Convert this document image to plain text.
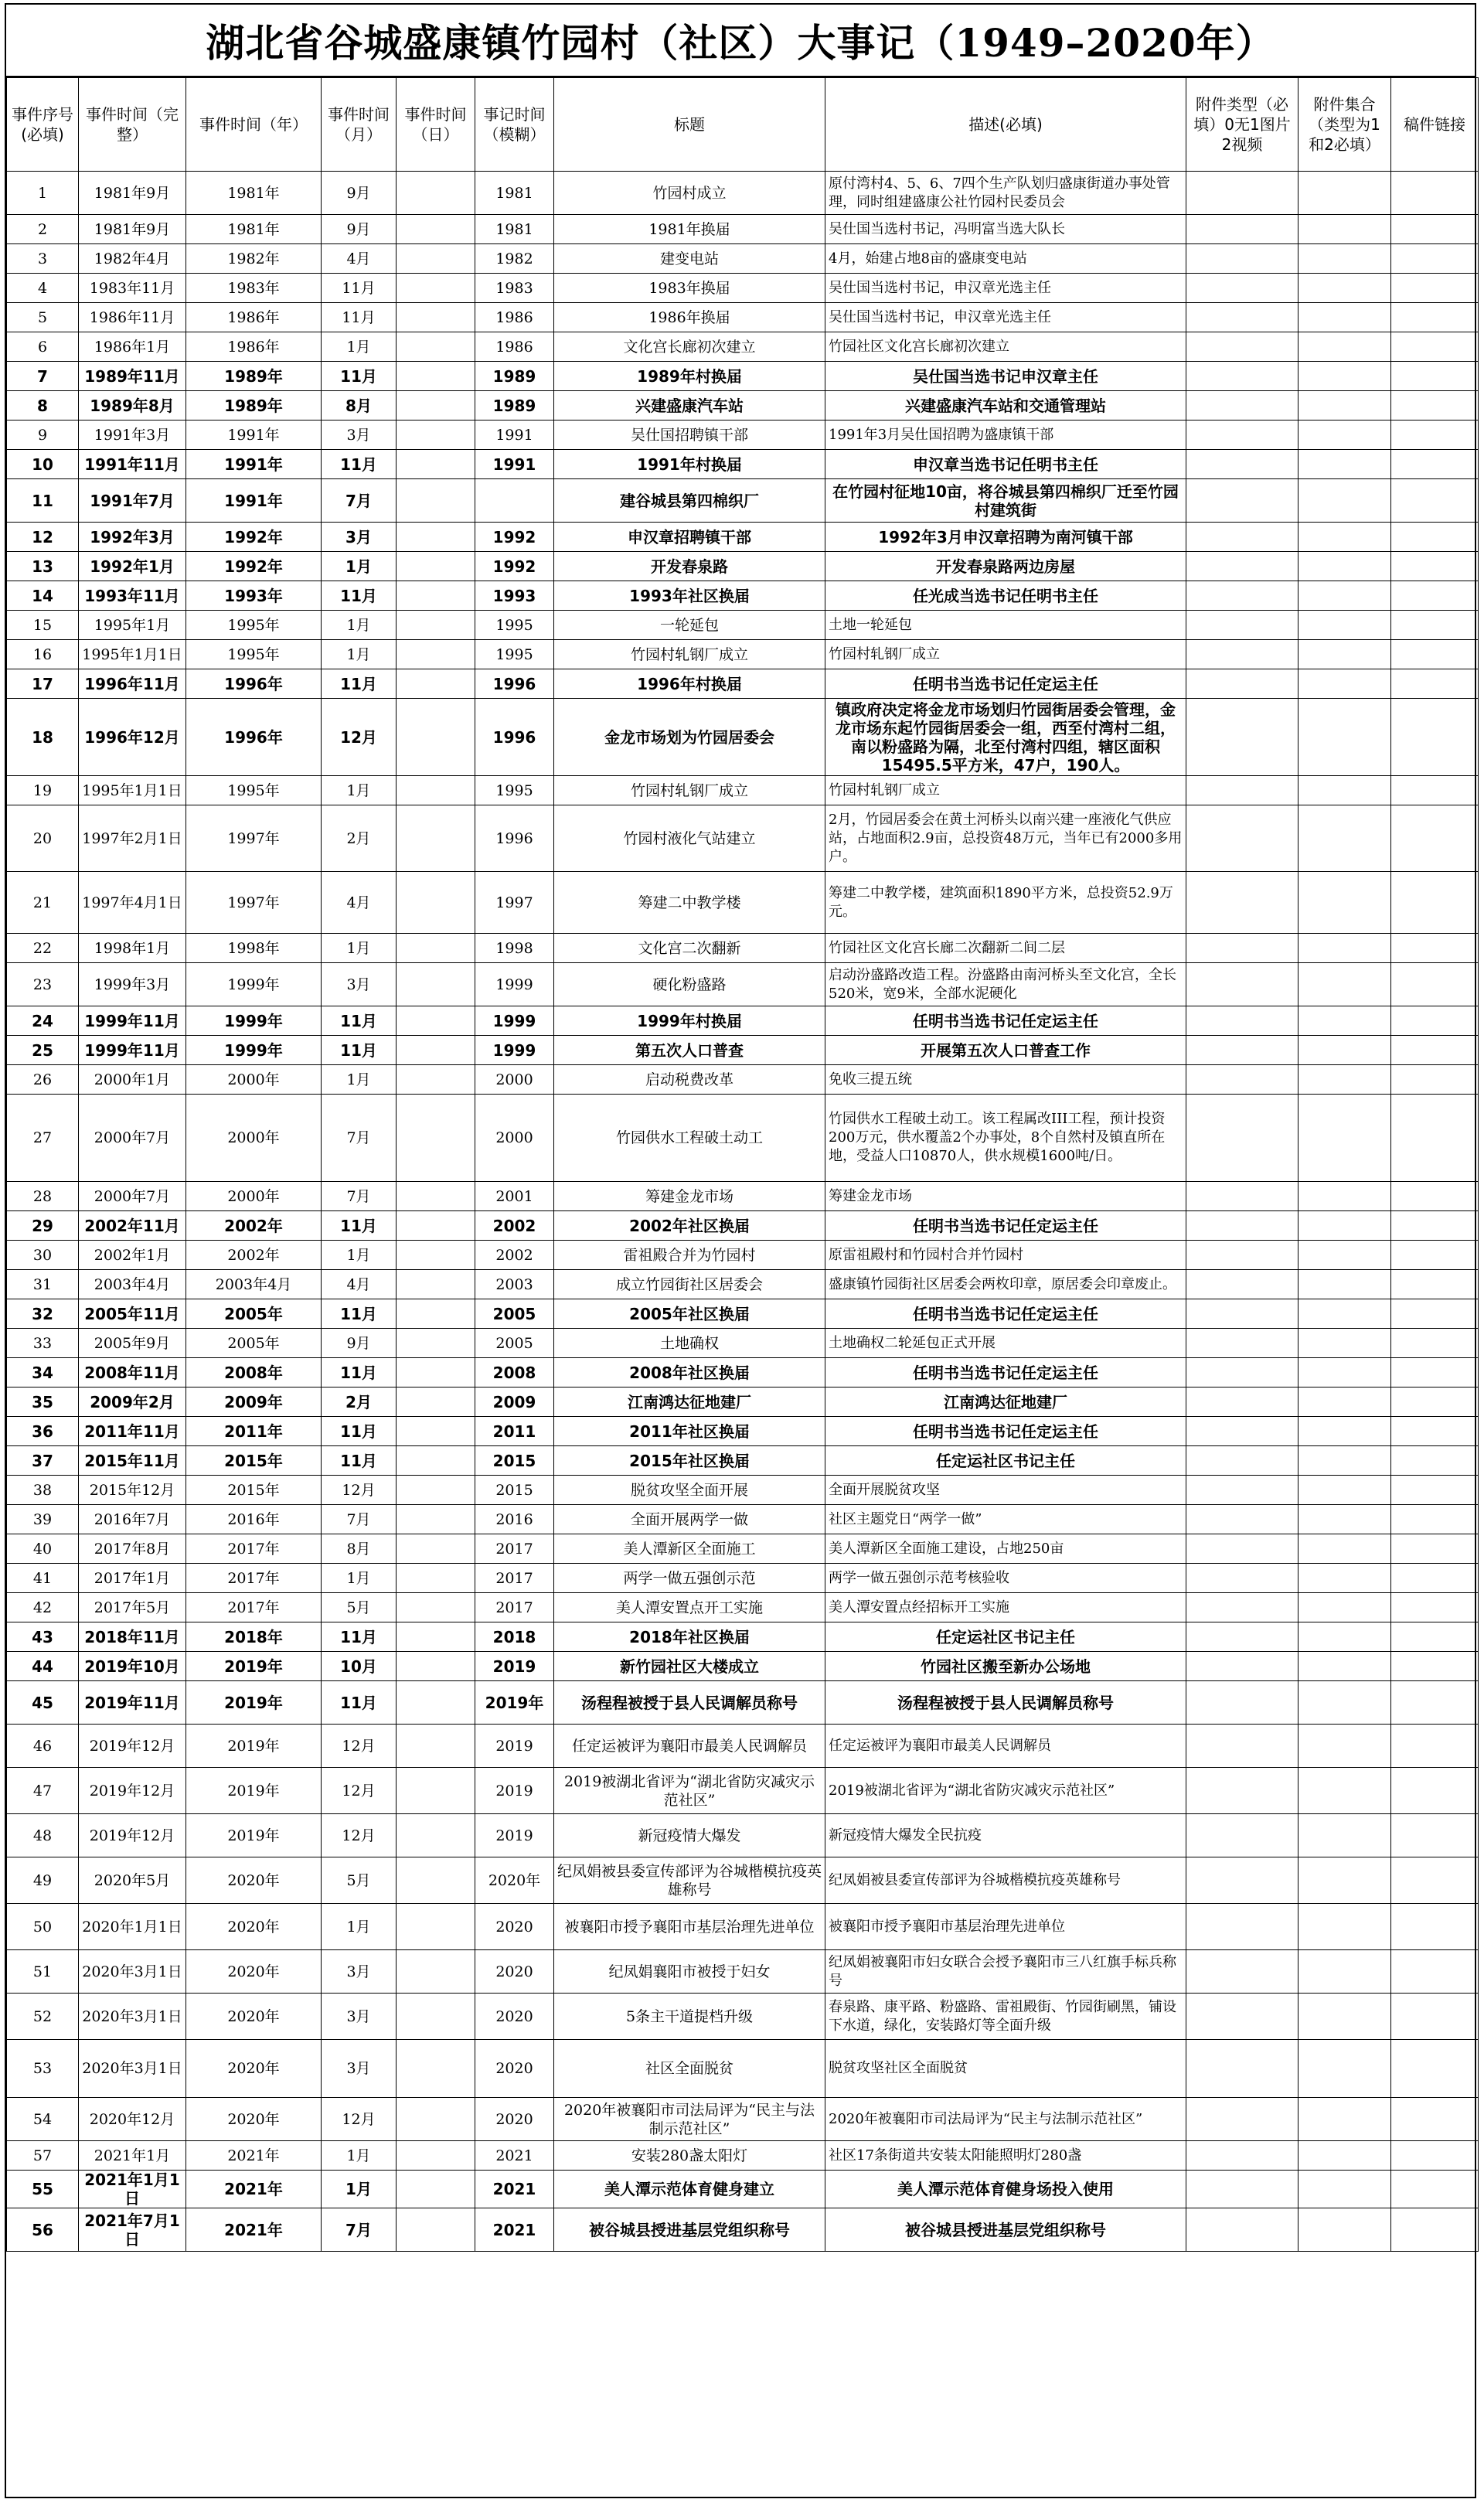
湖北省谷城盛康镇竹园村（社区）大事记（1949–2020年）
事件序号(必填)	事件时间（完整）	事件时间（年）	事件时间（月）	事件时间（日）	事记时间（模糊）	标题	描述(必填)	附件类型（必填）0无1图片2视频	附件集合（类型为1和2必填）	稿件链接
1	1981年9月	1981年	9月		1981	竹园村成立	原付湾村4、5、6、7四个生产队划归盛康街道办事处管理，同时组建盛康公社竹园村民委员会			
2	1981年9月	1981年	9月		1981	1981年换届	吴仕国当选村书记，冯明富当选大队长			
3	1982年4月	1982年	4月		1982	建变电站	4月，始建占地8亩的盛康变电站			
4	1983年11月	1983年	11月		1983	1983年换届	吴仕国当选村书记，申汉章光选主任			
5	1986年11月	1986年	11月		1986	1986年换届	吴仕国当选村书记，申汉章光选主任			
6	1986年1月	1986年	1月		1986	文化宫长廊初次建立	竹园社区文化宫长廊初次建立			
7	1989年11月	1989年	11月		1989	1989年村换届	吴仕国当选书记申汉章主任			
8	1989年8月	1989年	8月		1989	兴建盛康汽车站	兴建盛康汽车站和交通管理站			
9	1991年3月	1991年	3月		1991	吴仕国招聘镇干部	1991年3月吴仕国招聘为盛康镇干部			
10	1991年11月	1991年	11月		1991	1991年村换届	申汉章当选书记任明书主任			
11	1991年7月	1991年	7月			建谷城县第四棉织厂	在竹园村征地10亩，将谷城县第四棉织厂迁至竹园村建筑街			
12	1992年3月	1992年	3月		1992	申汉章招聘镇干部	1992年3月申汉章招聘为南河镇干部			
13	1992年1月	1992年	1月		1992	开发春泉路	开发春泉路两边房屋			
14	1993年11月	1993年	11月		1993	1993年社区换届	任光成当选书记任明书主任			
15	1995年1月	1995年	1月		1995	一轮延包	土地一轮延包			
16	1995年1月1日	1995年	1月		1995	竹园村轧钢厂成立	竹园村轧钢厂成立			
17	1996年11月	1996年	11月		1996	1996年村换届	任明书当选书记任定运主任			
18	1996年12月	1996年	12月		1996	金龙市场划为竹园居委会	镇政府决定将金龙市场划归竹园街居委会管理，金龙市场东起竹园街居委会一组，西至付湾村二组，南以粉盛路为隔，北至付湾村四组，辖区面积15495.5平方米，47户，190人。			
19	1995年1月1日	1995年	1月		1995	竹园村轧钢厂成立	竹园村轧钢厂成立			
20	1997年2月1日	1997年	2月		1996	竹园村液化气站建立	2月，竹园居委会在黄土河桥头以南兴建一座液化气供应站，占地面积2.9亩，总投资48万元，当年已有2000多用户。			
21	1997年4月1日	1997年	4月		1997	筹建二中教学楼	筹建二中教学楼，建筑面积1890平方米，总投资52.9万元。			
22	1998年1月	1998年	1月		1998	文化宫二次翻新	竹园社区文化宫长廊二次翻新二间二层			
23	1999年3月	1999年	3月		1999	硬化粉盛路	启动汾盛路改造工程。汾盛路由南河桥头至文化宫，全长520米，宽9米，全部水泥硬化			
24	1999年11月	1999年	11月		1999	1999年村换届	任明书当选书记任定运主任			
25	1999年11月	1999年	11月		1999	第五次人口普查	开展第五次人口普查工作			
26	2000年1月	2000年	1月		2000	启动税费改革	免收三提五统			
27	2000年7月	2000年	7月		2000	竹园供水工程破土动工	竹园供水工程破土动工。该工程属改III工程，预计投资200万元，供水覆盖2个办事处，8个自然村及镇直所在地，受益人口10870人，供水规模1600吨/日。			
28	2000年7月	2000年	7月		2001	筹建金龙市场	筹建金龙市场			
29	2002年11月	2002年	11月		2002	2002年社区换届	任明书当选书记任定运主任			
30	2002年1月	2002年	1月		2002	雷祖殿合并为竹园村	原雷祖殿村和竹园村合并竹园村			
31	2003年4月	2003年4月	4月		2003	成立竹园街社区居委会	盛康镇竹园街社区居委会两枚印章，原居委会印章废止。			
32	2005年11月	2005年	11月		2005	2005年社区换届	任明书当选书记任定运主任			
33	2005年9月	2005年	9月		2005	土地确权	土地确权二轮延包正式开展			
34	2008年11月	2008年	11月		2008	2008年社区换届	任明书当选书记任定运主任			
35	2009年2月	2009年	2月		2009	江南鸿达征地建厂	江南鸿达征地建厂			
36	2011年11月	2011年	11月		2011	2011年社区换届	任明书当选书记任定运主任			
37	2015年11月	2015年	11月		2015	2015年社区换届	任定运社区书记主任			
38	2015年12月	2015年	12月		2015	脱贫攻坚全面开展	全面开展脱贫攻坚			
39	2016年7月	2016年	7月		2016	全面开展两学一做	社区主题党日“两学一做”			
40	2017年8月	2017年	8月		2017	美人潭新区全面施工	美人潭新区全面施工建设，占地250亩			
41	2017年1月	2017年	1月		2017	两学一做五强创示范	两学一做五强创示范考核验收			
42	2017年5月	2017年	5月		2017	美人潭安置点开工实施	美人潭安置点经招标开工实施			
43	2018年11月	2018年	11月		2018	2018年社区换届	任定运社区书记主任			
44	2019年10月	2019年	10月		2019	新竹园社区大楼成立	竹园社区搬至新办公场地			
45	2019年11月	2019年	11月		2019年	汤程程被授于县人民调解员称号	汤程程被授于县人民调解员称号			
46	2019年12月	2019年	12月		2019	任定运被评为襄阳市最美人民调解员	任定运被评为襄阳市最美人民调解员			
47	2019年12月	2019年	12月		2019	2019被湖北省评为“湖北省防灾减灾示范社区”	2019被湖北省评为“湖北省防灾减灾示范社区”			
48	2019年12月	2019年	12月		2019	新冠疫情大爆发	新冠疫情大爆发全民抗疫			
49	2020年5月	2020年	5月		2020年	纪凤娟被县委宣传部评为谷城楷模抗疫英雄称号	纪凤娟被县委宣传部评为谷城楷模抗疫英雄称号			
50	2020年1月1日	2020年	1月		2020	被襄阳市授予襄阳市基层治理先进单位	被襄阳市授予襄阳市基层治理先进单位			
51	2020年3月1日	2020年	3月		2020	纪凤娟襄阳市被授于妇女	纪凤娟被襄阳市妇女联合会授予襄阳市三八红旗手标兵称号			
52	2020年3月1日	2020年	3月		2020	5条主干道提档升级	春泉路、康平路、粉盛路、雷祖殿街、竹园街刷黑，铺设下水道，绿化，安装路灯等全面升级			
53	2020年3月1日	2020年	3月		2020	社区全面脱贫	脱贫攻坚社区全面脱贫			
54	2020年12月	2020年	12月		2020	2020年被襄阳市司法局评为“民主与法制示范社区”	2020年被襄阳市司法局评为“民主与法制示范社区”			
57	2021年1月	2021年	1月		2021	安装280盏太阳灯	社区17条街道共安装太阳能照明灯280盏			
55	2021年1月1日	2021年	1月		2021	美人潭示范体育健身建立	美人潭示范体育健身场投入使用			
56	2021年7月1日	2021年	7月		2021	被谷城县授进基层党组织称号	被谷城县授进基层党组织称号			
